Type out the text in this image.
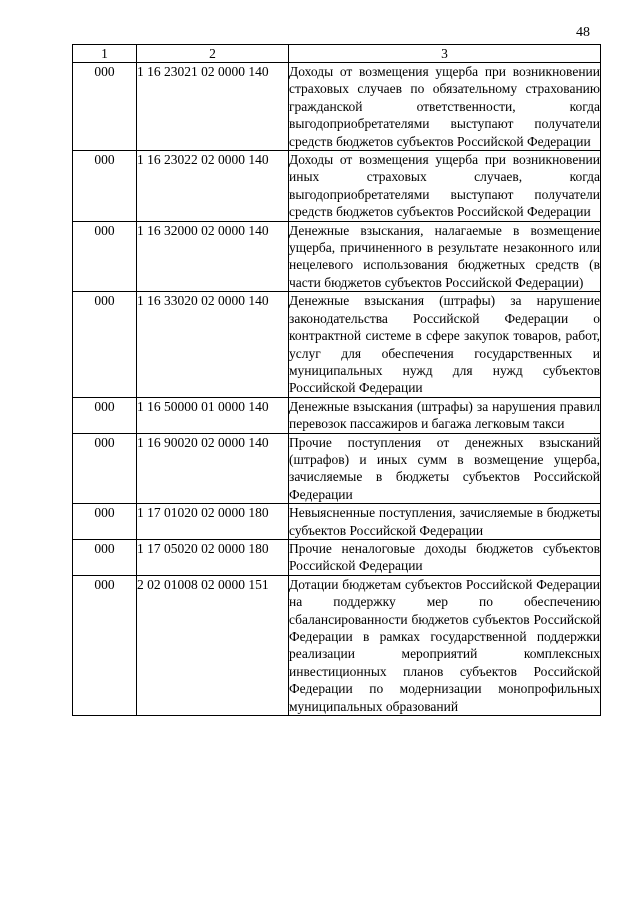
48
1	2	3
000	1 16 23021 02 0000 140	Доходы от возмещения ущерба при возникновении страховых случаев по обязательному страхованию гражданской ответственности, когда выгодоприобретателями выступают получатели средств бюджетов субъектов Российской Федерации

000	1 16 23022 02 0000 140	Доходы от возмещения ущерба при возникновении иных страховых случаев, когда выгодоприобретателями выступают получатели средств бюджетов субъектов Российской Федерации

000	1 16 32000 02 0000 140	Денежные взыскания, налагаемые в возмещение ущерба, причиненного в результате незаконного или нецелевого использования бюджетных средств (в части бюджетов субъектов Российской Федерации)

000	1 16 33020 02 0000 140	Денежные взыскания (штрафы) за нарушение законодательства Российской Федерации о контрактной системе в сфере закупок товаров, работ, услуг для обеспечения государственных и муниципальных нужд для нужд субъектов Российской Федерации

000	1 16 50000 01 0000 140	Денежные взыскания (штрафы) за нарушения правил перевозок пассажиров и багажа легковым такси

000	1 16 90020 02 0000 140	Прочие поступления от денежных взысканий (штрафов) и иных сумм в возмещение ущерба, зачисляемые в бюджеты субъектов Российской Федерации

000	1 17 01020 02 0000 180	Невыясненные поступления, зачисляемые в бюджеты субъектов Российской Федерации

000	1 17 05020 02 0000 180	Прочие неналоговые доходы бюджетов субъектов Российской Федерации

000	2 02 01008 02 0000 151	Дотации бюджетам субъектов Российской Федерации на поддержку мер по обеспечению сбалансированности бюджетов субъектов Российской Федерации в рамках государственной поддержки реализации мероприятий комплексных инвестиционных планов субъектов Российской Федерации по модернизации монопрофильных муниципальных образований
